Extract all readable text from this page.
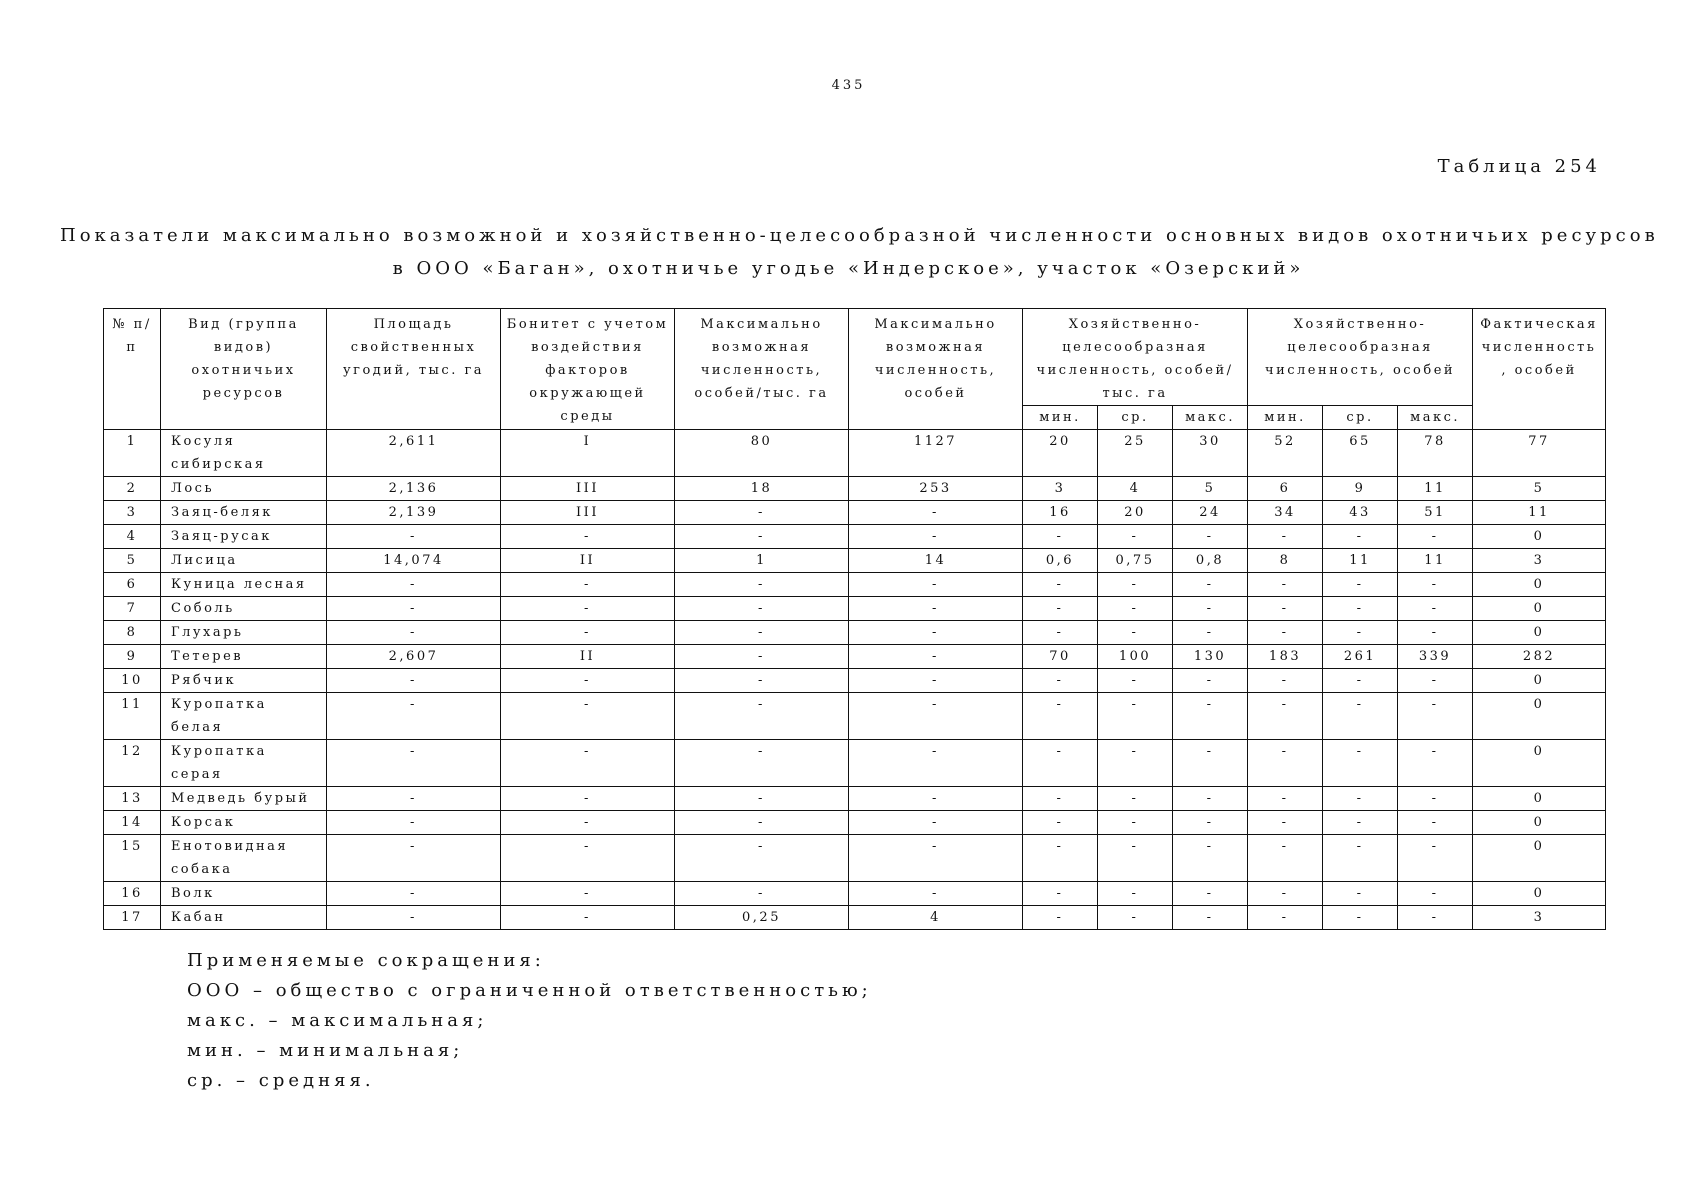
435
Таблица 254
Показатели максимально возможной и хозяйственно-целесообразной численности основных видов охотничьих ресурсов
в ООО «Баган», охотничье угодье «Индерское», участок «Озерский»
№ п/п	Вид (группа видов) охотничьих ресурсов	Площадь свойственных угодий, тыс. га	Бонитет с учетом воздействия факторов окружающей среды	Максимально возможная численность, особей/тыс. га	Максимально возможная численность, особей	Хозяйственно-целесообразная численность, особей/тыс. га			Хозяйственно-целесообразная численность, особей			Фактическая численность , особей
						мин.	ср.	макс.	мин.	ср.	макс.	
1	Косуля сибирская	2,611	I	80	1127	20	25	30	52	65	78	77
2	Лось	2,136	III	18	253	3	4	5	6	9	11	5
3	Заяц-беляк	2,139	III	-	-	16	20	24	34	43	51	11
4	Заяц-русак	-	-	-	-	-	-	-	-	-	-	0
5	Лисица	14,074	II	1	14	0,6	0,75	0,8	8	11	11	3
6	Куница лесная	-	-	-	-	-	-	-	-	-	-	0
7	Соболь	-	-	-	-	-	-	-	-	-	-	0
8	Глухарь	-	-	-	-	-	-	-	-	-	-	0
9	Тетерев	2,607	II	-	-	70	100	130	183	261	339	282
10	Рябчик	-	-	-	-	-	-	-	-	-	-	0
11	Куропатка белая	-	-	-	-	-	-	-	-	-	-	0
12	Куропатка серая	-	-	-	-	-	-	-	-	-	-	0
13	Медведь бурый	-	-	-	-	-	-	-	-	-	-	0
14	Корсак	-	-	-	-	-	-	-	-	-	-	0
15	Енотовидная собака	-	-	-	-	-	-	-	-	-	-	0
16	Волк	-	-	-	-	-	-	-	-	-	-	0
17	Кабан	-	-	0,25	4	-	-	-	-	-	-	3
Применяемые сокращения:
ООО – общество с ограниченной ответственностью;
макс. – максимальная;
мин. – минимальная;
ср. – средняя.
